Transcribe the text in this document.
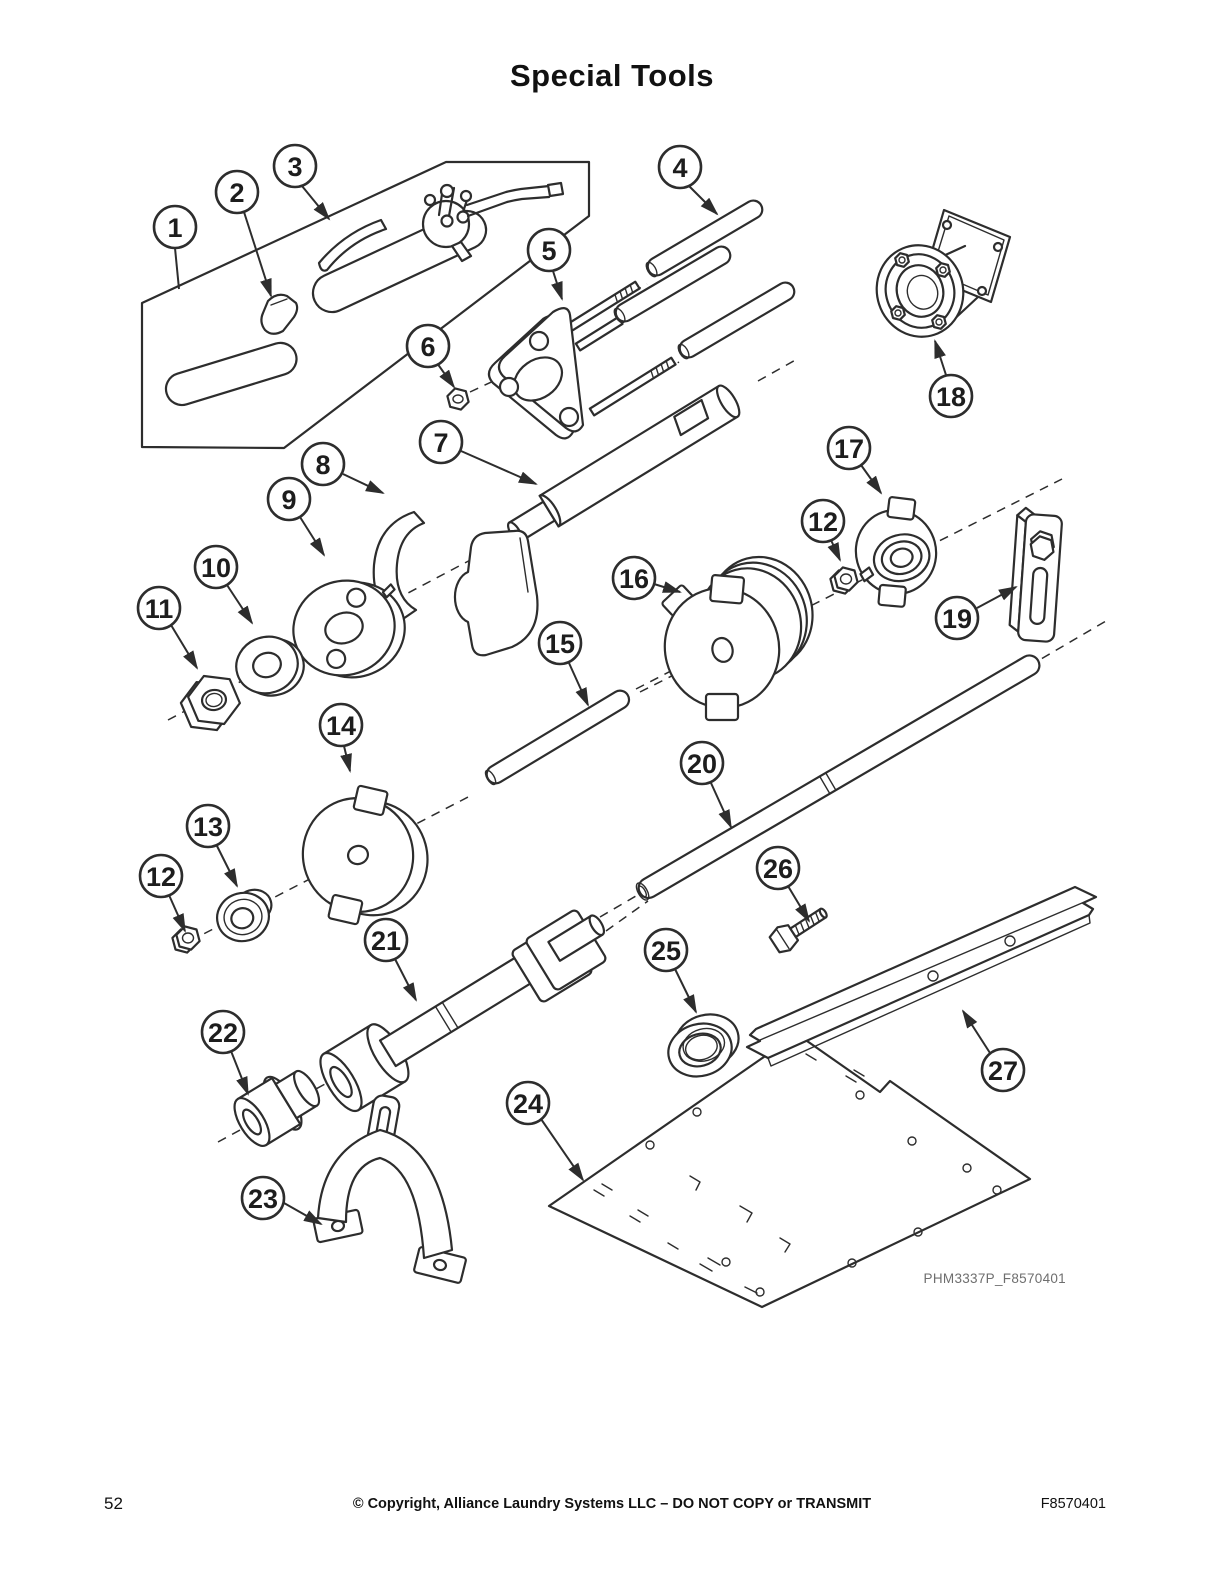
Special Tools
1
2
3	4
5
6
7
8
9
10
11
12
13
12
14
15
16
17
18
19
20
21
22
23
24
25
26
27
PHM3337P_F8570401
52	© Copyright, Alliance Laundry Systems LLC – DO NOT COPY or TRANSMIT	F8570401
